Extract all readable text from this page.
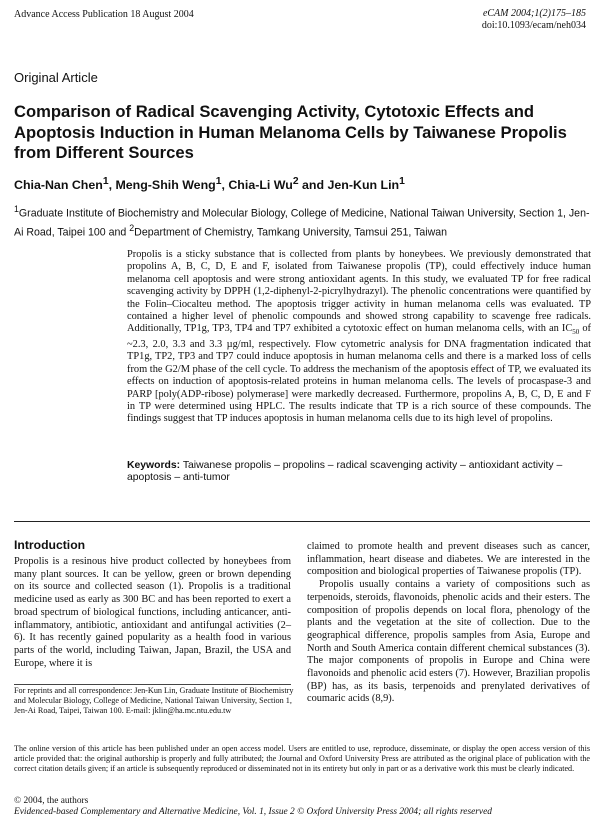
Advance Access Publication 18 August 2004	eCAM 2004;1(2)175–185
doi:10.1093/ecam/neh034
Original Article
Comparison of Radical Scavenging Activity, Cytotoxic Effects and Apoptosis Induction in Human Melanoma Cells by Taiwanese Propolis from Different Sources
Chia-Nan Chen$^1$, Meng-Shih Weng$^1$, Chia-Li Wu$^2$ and Jen-Kun Lin$^1$
$^1$Graduate Institute of Biochemistry and Molecular Biology, College of Medicine, National Taiwan University, Section 1, Jen-Ai Road, Taipei 100 and $^2$Department of Chemistry, Tamkang University, Tamsui 251, Taiwan
Propolis is a sticky substance that is collected from plants by honeybees. We previously demonstrated that propolins A, B, C, D, E and F, isolated from Taiwanese propolis (TP), could effectively induce human melanoma cell apoptosis and were strong antioxidant agents. In this study, we evaluated TP for free radical scavenging activity by DPPH (1,2-diphenyl-2-picrylhydrazyl). The phenolic concentrations were quantified by the Folin–Ciocalteu method. The apoptosis trigger activity in human melanoma cells was evaluated. TP contained a higher level of phenolic compounds and showed strong capability to scavenge free radicals. Additionally, TP1g, TP3, TP4 and TP7 exhibited a cytotoxic effect on human melanoma cells, with an $IC_{50}$ of ~2.3, 2.0, 3.3 and 3.3 µg/ml, respectively. Flow cytometric analysis for DNA fragmentation indicated that TP1g, TP2, TP3 and TP7 could induce apoptosis in human melanoma cells and there is a marked loss of cells from the G2/M phase of the cell cycle. To address the mechanism of the apoptosis effect of TP, we evaluated its effects on induction of apoptosis-related proteins in human melanoma cells. The levels of procaspase-3 and PARP [poly(ADP-ribose) polymerase] were markedly decreased. Furthermore, propolins A, B, C, D, E and F in TP were determined using HPLC. The results indicate that TP is a rich source of these compounds. The findings suggest that TP induces apoptosis in human melanoma cells due to its high level of propolins.
Keywords: Taiwanese propolis – propolins – radical scavenging activity – antioxidant activity – apoptosis – anti-tumor
Introduction

Propolis is a resinous hive product collected by honeybees from many plant sources. It can be yellow, green or brown depending on its source and collected season (1). Propolis is a traditional medicine used as early as 300 BC and has been reported to exert a broad spectrum of biological functions, including anticancer, anti-inflammatory, antibiotic, antioxidant and antifungal activities (2–6). It has recently gained popularity as a health food in various parts of the world, including Taiwan, Japan, Brazil, the USA and Europe, where it is

claimed to promote health and prevent diseases such as cancer, inflammation, heart disease and diabetes. We are interested in the composition and biological properties of Taiwanese propolis (TP).

Propolis usually contains a variety of compositions such as terpenoids, steroids, flavonoids, phenolic acids and their esters. The composition of propolis depends on local flora, phenology of the plants and the vegetation at the site of collection. Due to the geographical difference, propolis samples from Asia, Europe and North and South America contain different chemical substances (3). The major components of propolis in Europe and China were flavonoids and phenolic acid esters (7). However, Brazilian propolis (BP) has, as its basis, terpenoids and prenylated derivatives of coumaric acids (8,9).

For reprints and all correspondence: Jen-Kun Lin, Graduate Institute of Biochemistry and Molecular Biology, College of Medicine, National Taiwan University, Section 1, Jen-Ai Road, Taipei, Taiwan 100. E-mail: jklin@ha.mc.ntu.edu.tw
The online version of this article has been published under an open access model. Users are entitled to use, reproduce, disseminate, or display the open access version of this article provided that: the original authorship is properly and fully attributed; the Journal and Oxford University Press are attributed as the original place of publication with the correct citation details given; if an article is subsequently reproduced or disseminated not in its entirety but only in part or as a derivative work this must be clearly indicated.
© 2004, the authors
Evidenced-based Complementary and Alternative Medicine, Vol. 1, Issue 2 © Oxford University Press 2004; all rights reserved
